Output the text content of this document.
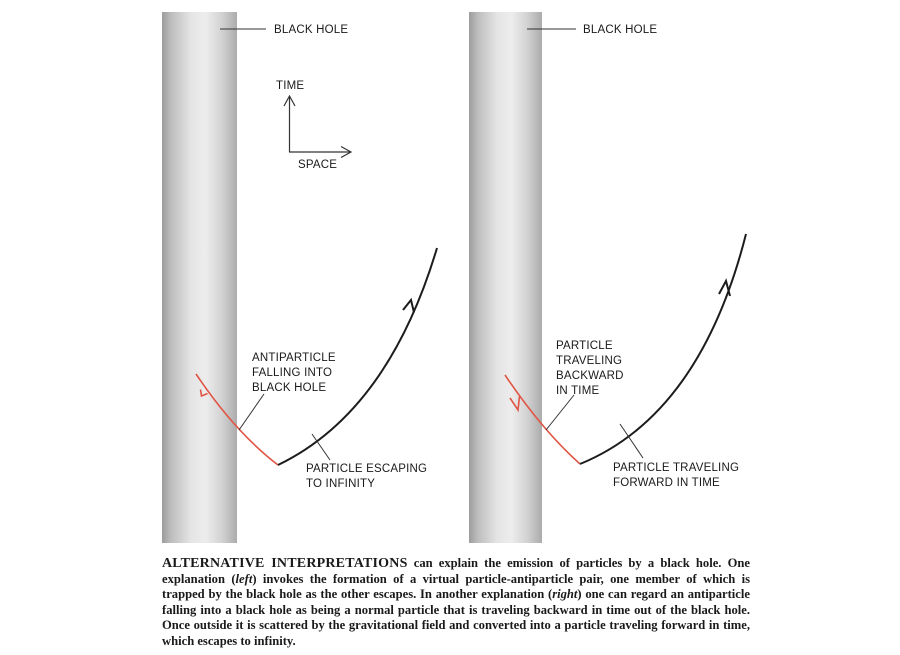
BLACK HOLE
TIME
SPACE
ANTIPARTICLE FALLING INTO BLACK HOLE
PARTICLE ESCAPING TO INFINITY
BLACK HOLE
PARTICLE TRAVELING BACKWARD IN TIME
PARTICLE TRAVELING FORWARD IN TIME

ALTERNATIVE INTERPRETATIONS can explain the emission of particles by a black hole. One explanation (left) invokes the formation of a virtual particle-antiparticle pair, one member of which is trapped by the black hole as the other escapes. In another explanation (right) one can regard an antiparticle falling into a black hole as being a normal particle that is traveling backward in time out of the black hole. Once outside it is scattered by the gravitational field and converted into a particle traveling forward in time, which escapes to infinity.
